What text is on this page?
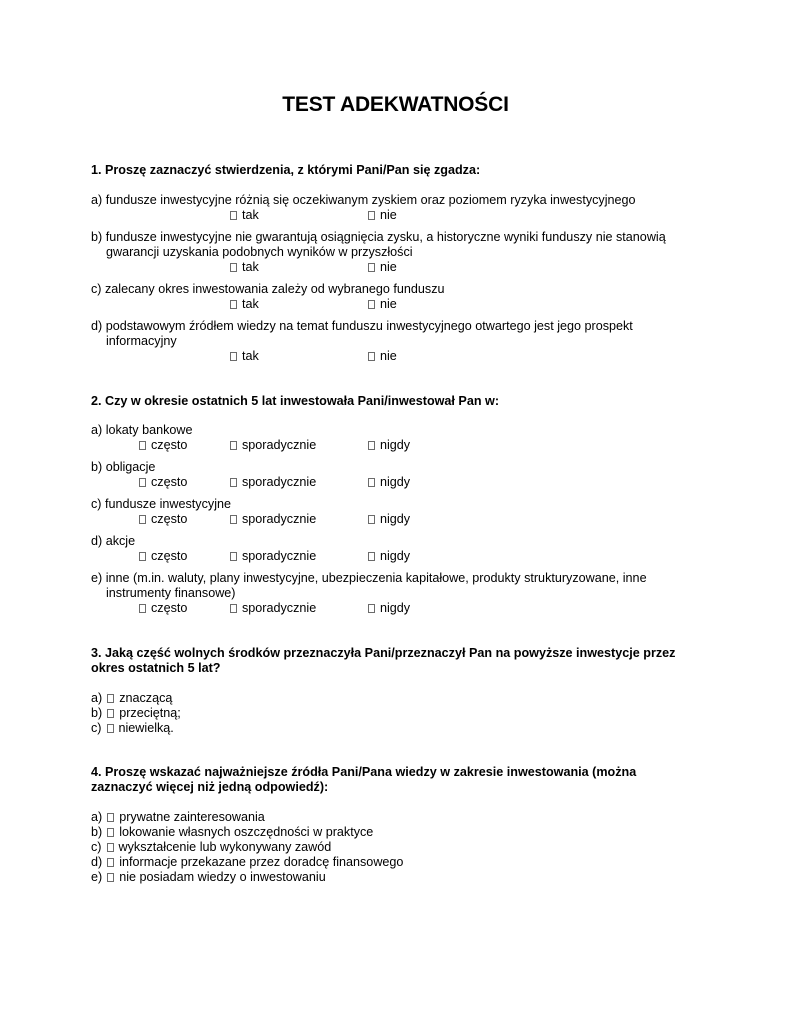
TEST ADEKWATNOŚCI
1. Proszę zaznaczyć stwierdzenia, z którymi Pani/Pan się zgadza:
a) fundusze inwestycyjne różnią się oczekiwanym zyskiem oraz poziomem ryzyka inwestycyjnego
tak	nie
b) fundusze inwestycyjne nie gwarantują osiągnięcia zysku, a historyczne wyniki funduszy nie stanowią
gwarancji uzyskania podobnych wyników w przyszłości
tak	nie
c) zalecany okres inwestowania zależy od wybranego funduszu
tak	nie
d) podstawowym źródłem wiedzy na temat funduszu inwestycyjnego otwartego jest jego prospekt
informacyjny
tak	nie
2. Czy w okresie ostatnich 5 lat inwestowała Pani/inwestował Pan w:
a) lokaty bankowe
często	sporadycznie	nigdy
b) obligacje
często	sporadycznie	nigdy
c) fundusze inwestycyjne
często	sporadycznie	nigdy
d) akcje
często	sporadycznie	nigdy
e) inne (m.in. waluty, plany inwestycyjne, ubezpieczenia kapitałowe, produkty strukturyzowane, inne
instrumenty finansowe)
często	sporadycznie	nigdy
3. Jaką część wolnych środków przeznaczyła Pani/przeznaczył Pan na powyższe inwestycje przez
okres ostatnich 5 lat?
a) znaczącą
b) przeciętną;
c) niewielką.
4. Proszę wskazać najważniejsze źródła Pani/Pana wiedzy w zakresie inwestowania (można
zaznaczyć więcej niż jedną odpowiedź):
a) prywatne zainteresowania
b) lokowanie własnych oszczędności w praktyce
c) wykształcenie lub wykonywany zawód
d) informacje przekazane przez doradcę finansowego
e) nie posiadam wiedzy o inwestowaniu
